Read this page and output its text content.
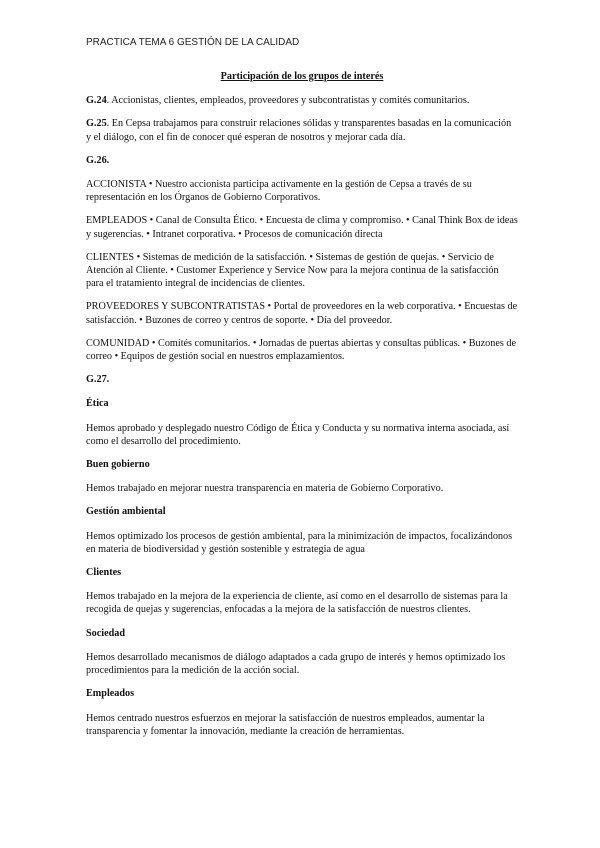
PRACTICA TEMA 6 GESTIÓN DE LA CALIDAD
Participación de los grupos de interés

G.24. Accionistas, clientes, empleados, proveedores y subcontratistas y comités comunitarios.

G.25. En Cepsa trabajamos para construir relaciones sólidas y transparentes basadas en la comunicación y el diálogo, con el fin de conocer qué esperan de nosotros y mejorar cada día.

G.26.

ACCIONISTA • Nuestro accionista participa activamente en la gestión de Cepsa a través de su representación en los Órganos de Gobierno Corporativos.

EMPLEADOS • Canal de Consulta Ético. • Encuesta de clima y compromiso. • Canal Think Box de ideas y sugerencias. • Intranet corporativa. • Procesos de comunicación directa

CLIENTES • Sistemas de medición de la satisfacción. • Sistemas de gestión de quejas. • Servicio de Atención al Cliente. • Customer Experience y Service Now para la mejora continua de la satisfacción para el tratamiento integral de incidencias de clientes.

PROVEEDORES Y SUBCONTRATISTAS • Portal de proveedores en la web corporativa. • Encuestas de satisfacción. • Buzones de correo y centros de soporte. • Día del proveedor.

COMUNIDAD • Comités comunitarios. • Jornadas de puertas abiertas y consultas públicas. • Buzones de correo • Equipos de gestión social en nuestros emplazamientos.

G.27.
Ética

Hemos aprobado y desplegado nuestro Código de Ética y Conducta y su normativa interna asociada, así como el desarrollo del procedimiento.

Buen gobierno

Hemos trabajado en mejorar nuestra transparencia en materia de Gobierno Corporativo.

Gestión ambiental

Hemos optimizado los procesos de gestión ambiental, para la minimización de impactos, focalizándonos en materia de biodiversidad y gestión sostenible y estrategia de agua

Clientes

Hemos trabajado en la mejora de la experiencia de cliente, así como en el desarrollo de sistemas para la recogida de quejas y sugerencias, enfocadas a la mejora de la satisfacción de nuestros clientes.

Sociedad

Hemos desarrollado mecanismos de diálogo adaptados a cada grupo de interés y hemos optimizado los procedimientos para la medición de la acción social.

Empleados

Hemos centrado nuestros esfuerzos en mejorar la satisfacción de nuestros empleados, aumentar la transparencia y fomentar la innovación, mediante la creación de herramientas.
